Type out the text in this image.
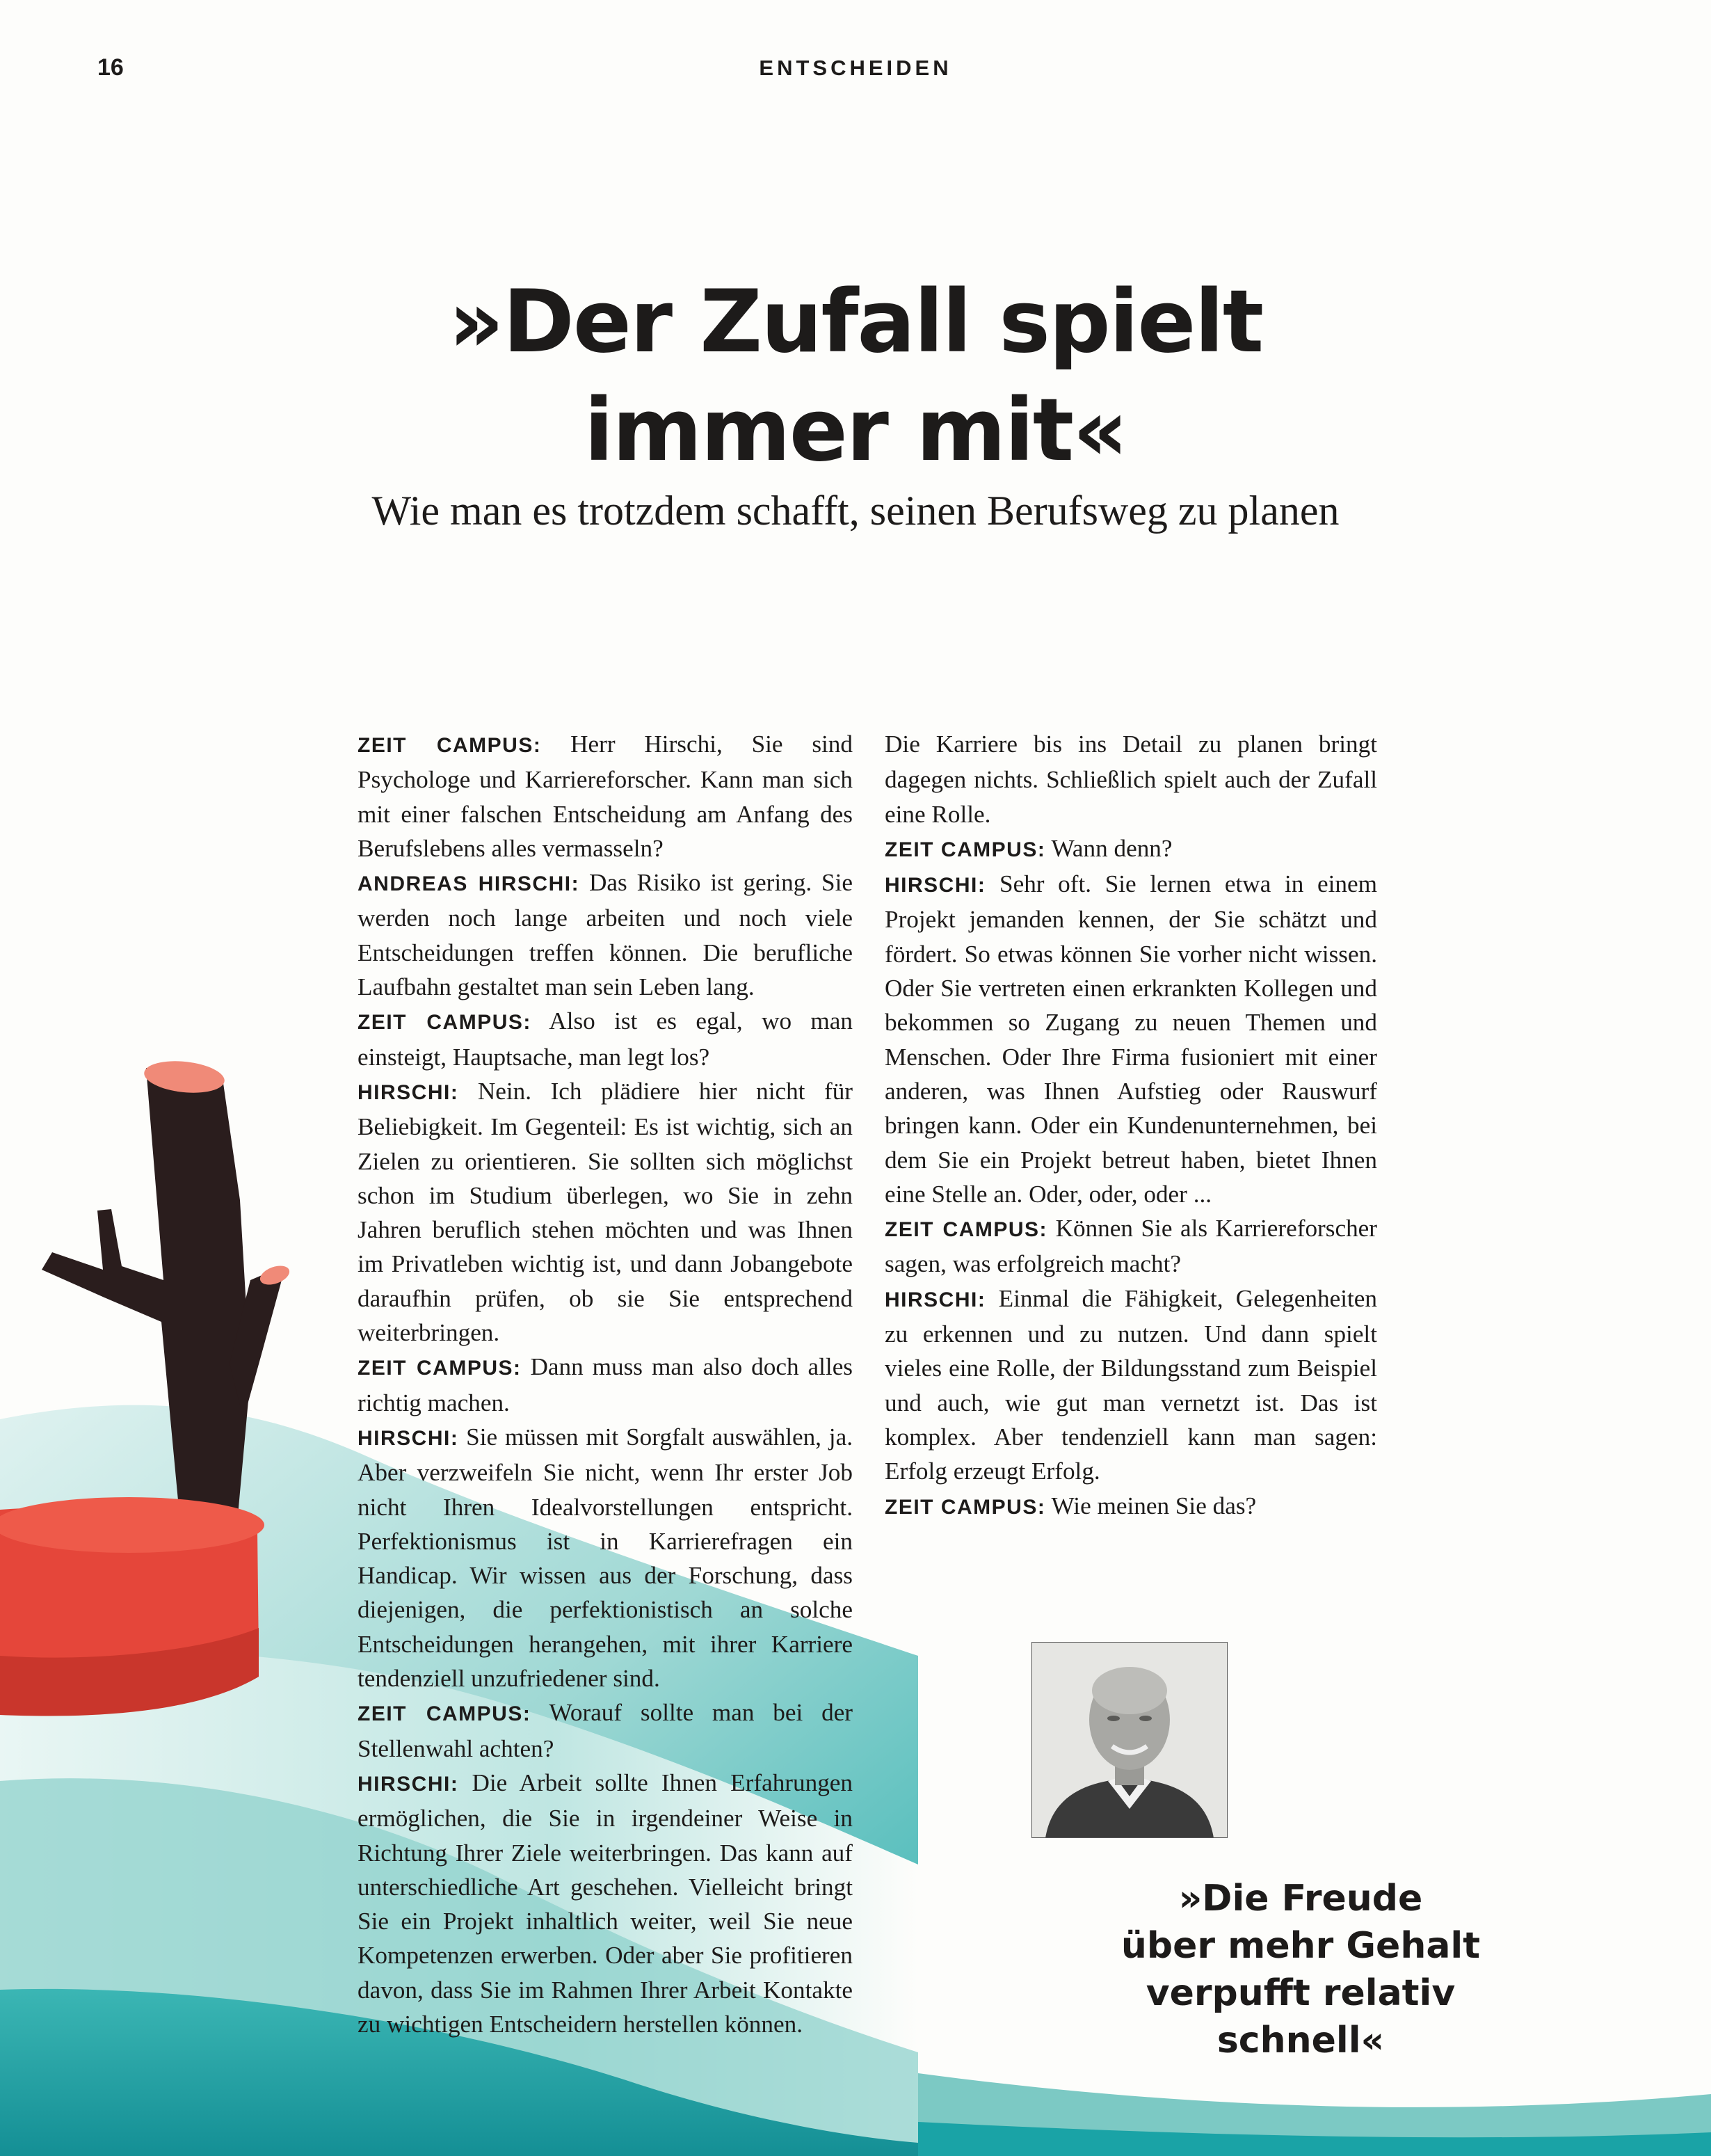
16	ENTSCHEIDEN
»Der Zufall spielt
immer mit«
Wie man es trotzdem schafft, seinen Berufsweg zu planen

ZEIT CAMPUS: Herr Hirschi, Sie sind Psychologe und Karriereforscher. Kann man sich mit einer falschen Entscheidung am Anfang des Berufslebens alles vermasseln?

ANDREAS HIRSCHI: Das Risiko ist gering. Sie werden noch lange arbeiten und noch viele Entscheidungen treffen können. Die berufliche Laufbahn gestaltet man sein Leben lang.

ZEIT CAMPUS: Also ist es egal, wo man einsteigt, Hauptsache, man legt los?

HIRSCHI: Nein. Ich plädiere hier nicht für Beliebigkeit. Im Gegenteil: Es ist wichtig, sich an Zielen zu orientieren. Sie sollten sich möglichst schon im Studium überlegen, wo Sie in zehn Jahren beruflich stehen möchten und was Ihnen im Privatleben wichtig ist, und dann Jobangebote daraufhin prüfen, ob sie Sie entsprechend weiterbringen.

ZEIT CAMPUS: Dann muss man also doch alles richtig machen.

HIRSCHI: Sie müssen mit Sorgfalt auswählen, ja. Aber verzweifeln Sie nicht, wenn Ihr erster Job nicht Ihren Idealvorstellungen entspricht. Perfektionismus ist in Karrierefragen ein Handicap. Wir wissen aus der Forschung, dass diejenigen, die perfektionistisch an solche Entscheidungen herangehen, mit ihrer Karriere tendenziell unzufriedener sind.

ZEIT CAMPUS: Worauf sollte man bei der Stellenwahl achten?

HIRSCHI: Die Arbeit sollte Ihnen Erfahrungen ermöglichen, die Sie in irgendeiner Weise in Richtung Ihrer Ziele weiterbringen. Das kann auf unterschiedliche Art geschehen. Vielleicht bringt Sie ein Projekt inhaltlich weiter, weil Sie neue Kompetenzen erwerben. Oder aber Sie profitieren davon, dass Sie im Rahmen Ihrer Arbeit Kontakte zu wichtigen Entscheidern herstellen können.

Die Karriere bis ins Detail zu planen bringt dagegen nichts. Schließlich spielt auch der Zufall eine Rolle.

ZEIT CAMPUS: Wann denn?

HIRSCHI: Sehr oft. Sie lernen etwa in einem Projekt jemanden kennen, der Sie schätzt und fördert. So etwas können Sie vorher nicht wissen. Oder Sie vertreten einen erkrankten Kollegen und bekommen so Zugang zu neuen Themen und Menschen. Oder Ihre Firma fusioniert mit einer anderen, was Ihnen Aufstieg oder Rauswurf bringen kann. Oder ein Kundenunternehmen, bei dem Sie ein Projekt betreut haben, bietet Ihnen eine Stelle an. Oder, oder, oder ...

ZEIT CAMPUS: Können Sie als Karriereforscher sagen, was erfolgreich macht?

HIRSCHI: Einmal die Fähigkeit, Gelegenheiten zu erkennen und zu nutzen. Und dann spielt vieles eine Rolle, der Bildungsstand zum Beispiel und auch, wie gut man vernetzt ist. Das ist komplex. Aber tendenziell kann man sagen: Erfolg erzeugt Erfolg.

ZEIT CAMPUS: Wie meinen Sie das?

»Die Freude
über mehr Gehalt
verpufft relativ
schnell«
